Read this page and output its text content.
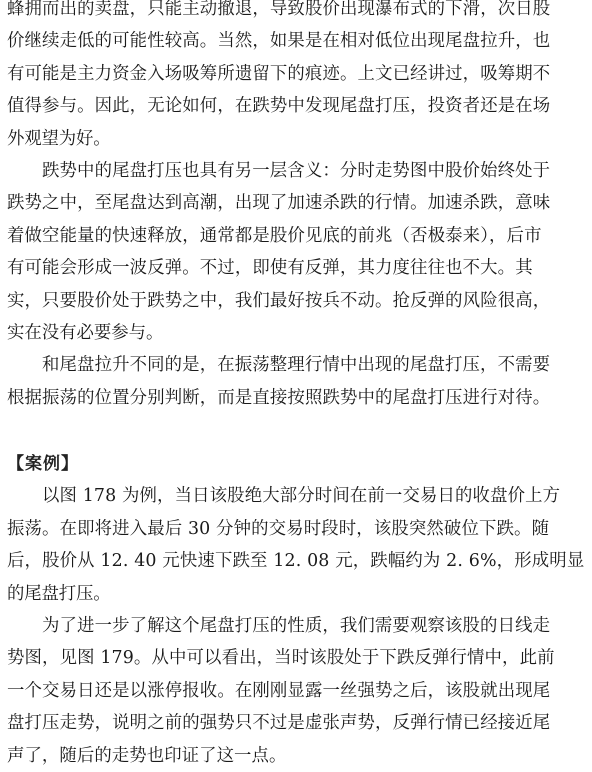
蜂拥而出的卖盘，只能主动撤退，导致股价出现瀑布式的下滑，次日股
价继续走低的可能性较高。当然，如果是在相对低位出现尾盘拉升，也
有可能是主力资金入场吸筹所遗留下的痕迹。上文已经讲过，吸筹期不
值得参与。因此，无论如何，在跌势中发现尾盘打压，投资者还是在场
外观望为好。
跌势中的尾盘打压也具有另一层含义：分时走势图中股价始终处于
跌势之中，至尾盘达到高潮，出现了加速杀跌的行情。加速杀跌，意味
着做空能量的快速释放，通常都是股价见底的前兆（否极泰来），后市
有可能会形成一波反弹。不过，即使有反弹，其力度往往也不大。其
实，只要股价处于跌势之中，我们最好按兵不动。抢反弹的风险很高，
实在没有必要参与。
和尾盘拉升不同的是，在振荡整理行情中出现的尾盘打压，不需要
根据振荡的位置分别判断，而是直接按照跌势中的尾盘打压进行对待。
【案例】
以图 178 为例，当日该股绝大部分时间在前一交易日的收盘价上方
振荡。在即将进入最后 30 分钟的交易时段时，该股突然破位下跌。随
后，股价从 12. 40 元快速下跌至 12. 08 元，跌幅约为 2. 6%，形成明显
的尾盘打压。
为了进一步了解这个尾盘打压的性质，我们需要观察该股的日线走
势图，见图 179。从中可以看出，当时该股处于下跌反弹行情中，此前
一个交易日还是以涨停报收。在刚刚显露一丝强势之后，该股就出现尾
盘打压走势，说明之前的强势只不过是虚张声势，反弹行情已经接近尾
声了，随后的走势也印证了这一点。
